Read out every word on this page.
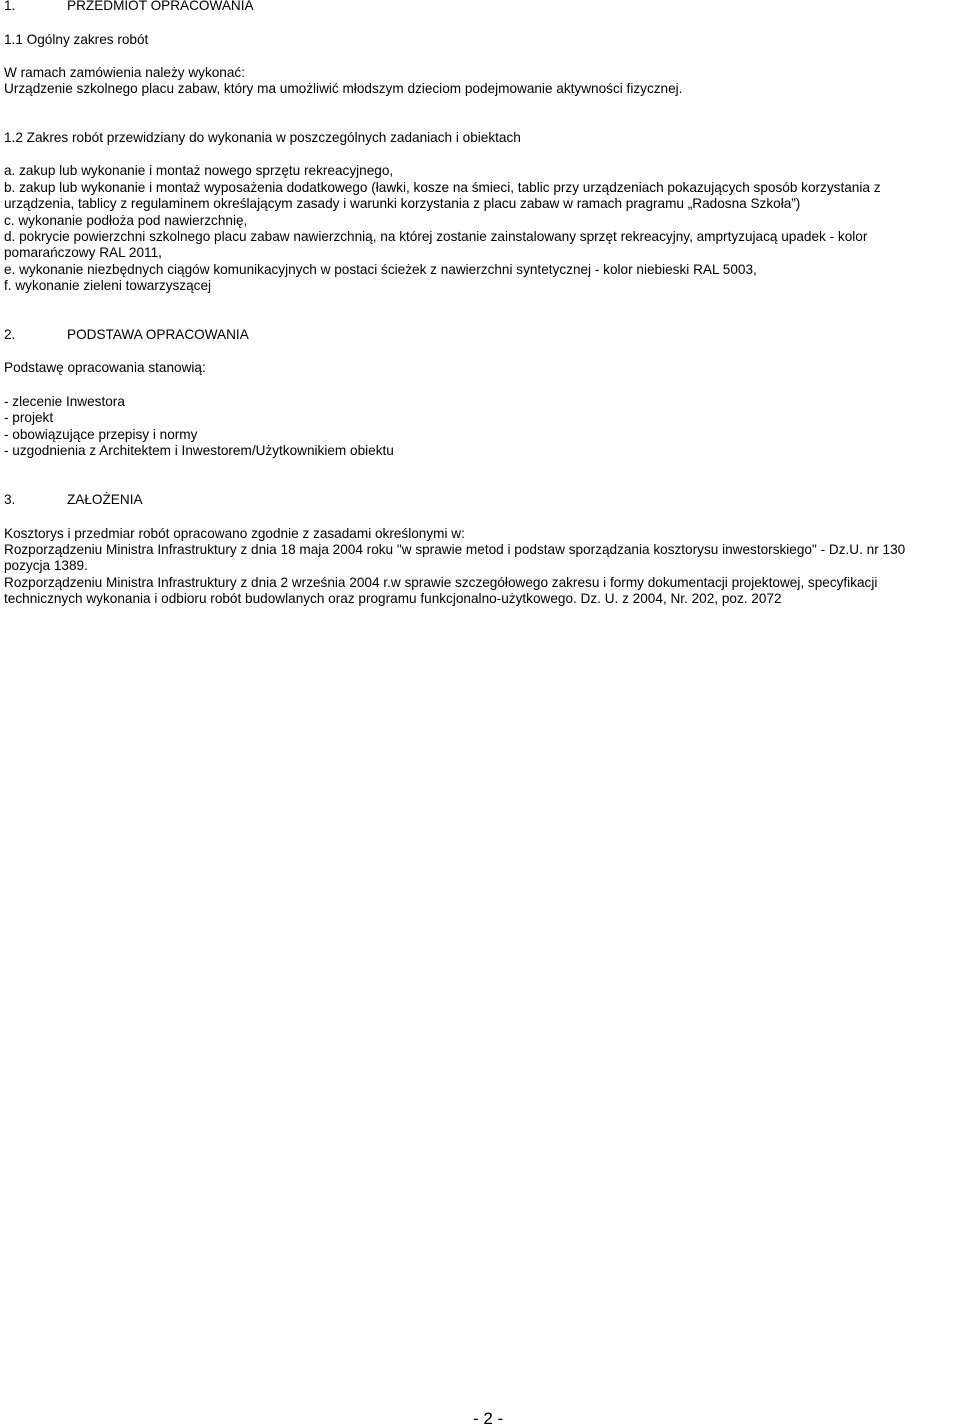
1.	PRZEDMIOT OPRACOWANIA
1.1 Ogólny zakres robót
W ramach zamówienia należy wykonać:
Urządzenie szkolnego placu zabaw, który ma umożliwić młodszym dzieciom podejmowanie aktywności fizycznej.
1.2 Zakres robót przewidziany do wykonania w poszczególnych zadaniach i obiektach
a. zakup lub wykonanie i montaż nowego sprzętu rekreacyjnego,
b. zakup lub wykonanie i montaż wyposażenia dodatkowego (ławki, kosze na śmieci, tablic przy urządzeniach pokazujących sposób korzystania z
urządzenia, tablicy z regulaminem określającym zasady i warunki korzystania z placu zabaw w ramach pragramu „Radosna Szkoła”)
c. wykonanie podłoża pod nawierzchnię,
d. pokrycie powierzchni szkolnego placu zabaw nawierzchnią, na której zostanie zainstalowany sprzęt rekreacyjny, amprtyzujacą upadek - kolor
pomarańczowy RAL 2011,
e. wykonanie niezbędnych ciągów komunikacyjnych w postaci ścieżek z nawierzchni syntetycznej - kolor niebieski RAL 5003,
f. wykonanie zieleni towarzyszącej
2.	PODSTAWA OPRACOWANIA
Podstawę opracowania stanowią:
- zlecenie Inwestora
- projekt
- obowiązujące przepisy i normy
- uzgodnienia z Architektem i Inwestorem/Użytkownikiem obiektu
3.	ZAŁOŻENIA
Kosztorys i przedmiar robót opracowano zgodnie z zasadami określonymi w:
Rozporządzeniu Ministra Infrastruktury z dnia 18 maja 2004 roku "w sprawie metod i podstaw sporządzania kosztorysu inwestorskiego" - Dz.U. nr 130
pozycja 1389.
Rozporządzeniu Ministra Infrastruktury z dnia 2 września 2004 r.w sprawie szczegółowego zakresu i formy dokumentacji projektowej, specyfikacji
technicznych wykonania i odbioru robót budowlanych oraz programu funkcjonalno-użytkowego. Dz. U. z 2004, Nr. 202, poz. 2072
- 2 -
